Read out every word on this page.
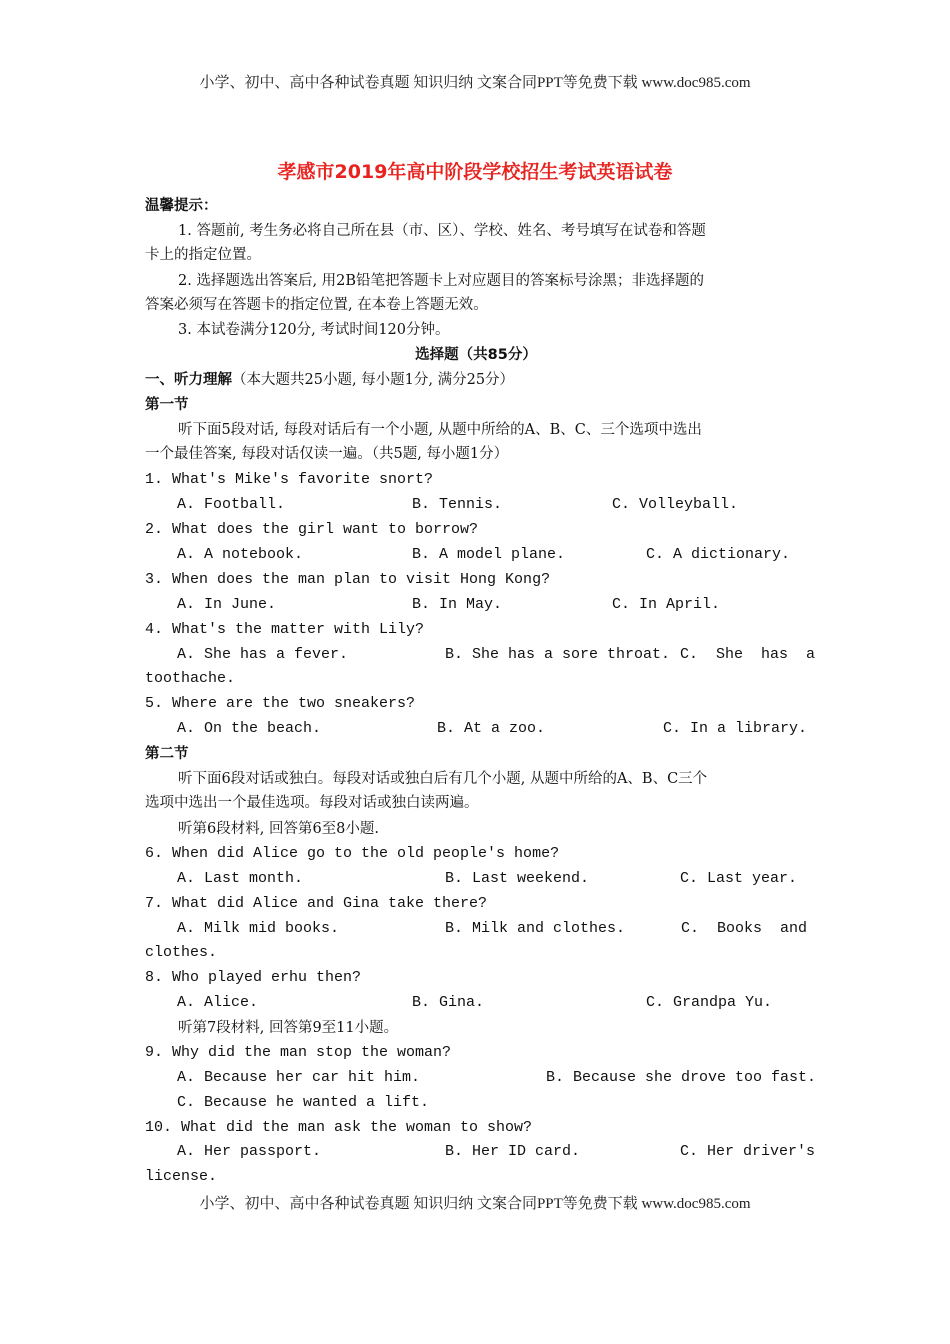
小学、初中、高中各种试卷真题 知识归纳 文案合同PPT等免费下载 www.doc985.com
孝感市2019年高中阶段学校招生考试英语试卷
温馨提示：
1. 答题前, 考生务必将自己所在县（市、区）、学校、姓名、考号填写在试卷和答题
卡上的指定位置。
2. 选择题选出答案后, 用2B铅笔把答题卡上对应题目的答案标号涂黑；非选择题的
答案必须写在答题卡的指定位置, 在本卷上答题无效。
3. 本试卷满分120分, 考试时间120分钟。
选择题（共85分）
一、听力理解（本大题共25小题, 每小题1分, 满分25分）
第一节
听下面5段对话, 每段对话后有一个小题, 从题中所给的A、B、C、三个选项中选出
一个最佳答案, 每段对话仅读一遍。（共5题, 每小题1分）
1. What's Mike's favorite snort?
A. Football.	B. Tennis.	C. Volleyball.
2. What does the girl want to borrow?
A. A notebook.	B. A model plane.	C. A dictionary.
3. When does the man plan to visit Hong Kong?
A. In June.	B. In May.	C. In April.
4. What's the matter with Lily?
A. She has a fever.	B. She has a sore throat. C.  She  has  a
toothache.
5. Where are the two sneakers?
A. On the beach.	B. At a zoo.	C. In a library.
第二节
听下面6段对话或独白。每段对话或独白后有几个小题, 从题中所给的A、B、C三个
选项中选出一个最佳选项。每段对话或独白读两遍。
听第6段材料, 回答第6至8小题.
6. When did Alice go to the old people's home?
A. Last month.	B. Last weekend.	C. Last year.
7. What did Alice and Gina take there?
A. Milk mid books.	B. Milk and clothes.	C.  Books  and
clothes.
8. Who played erhu then?
A. Alice.	B. Gina.	C. Grandpa Yu.
听第7段材料, 回答第9至11小题。
9. Why did the man stop the woman?
A. Because her car hit him.	B. Because she drove too fast.
C. Because he wanted a lift.
10. What did the man ask the woman to show?
A. Her passport.	B. Her ID card.	C. Her driver's
license.
小学、初中、高中各种试卷真题 知识归纳 文案合同PPT等免费下载 www.doc985.com
